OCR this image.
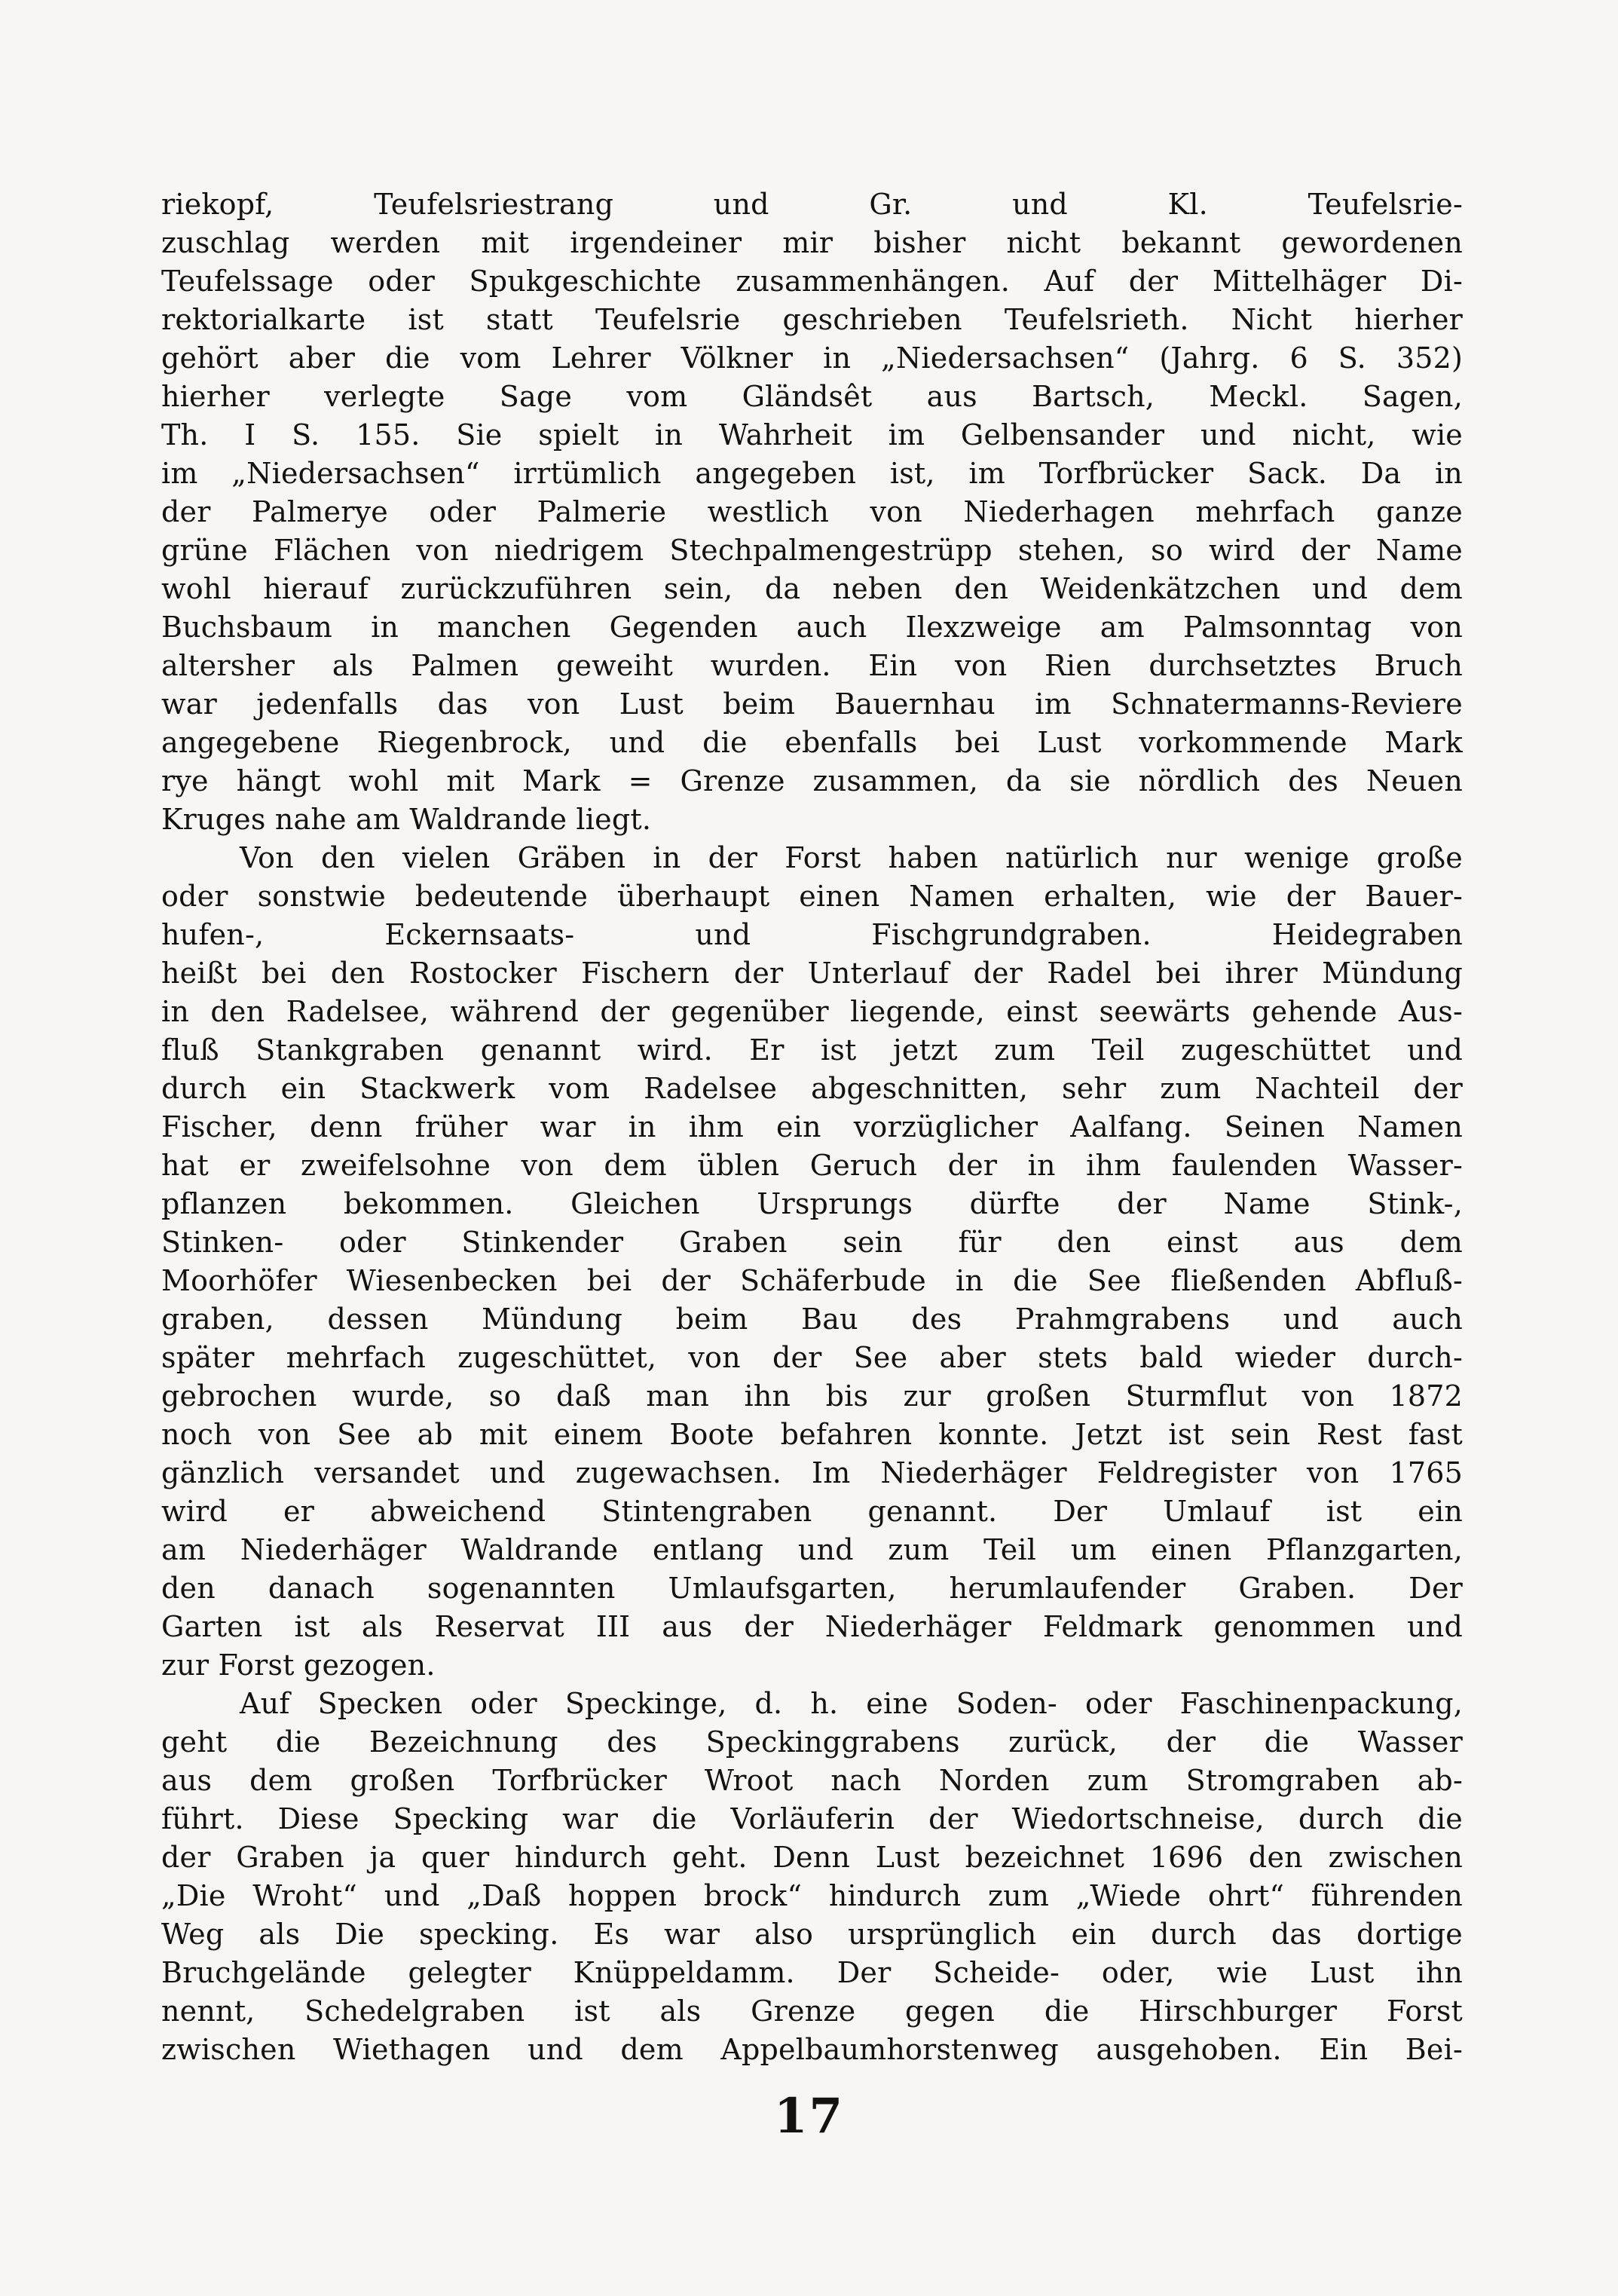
riekopf, Teufelsriestrang und Gr. und Kl. Teufelsrie-
zuschlag werden mit irgendeiner mir bisher nicht bekannt gewordenen
Teufelssage oder Spukgeschichte zusammenhängen. Auf der Mittelhäger Di-
rektorialkarte ist statt Teufelsrie geschrieben Teufelsrieth. Nicht hierher
gehört aber die vom Lehrer Völkner in „Niedersachsen“ (Jahrg. 6 S. 352)
hierher verlegte Sage vom Gländsêt aus Bartsch, Meckl. Sagen,
Th. I S. 155. Sie spielt in Wahrheit im Gelbensander und nicht, wie
im „Niedersachsen“ irrtümlich angegeben ist, im Torfbrücker Sack. Da in
der Palmerye oder Palmerie westlich von Niederhagen mehrfach ganze
grüne Flächen von niedrigem Stechpalmengestrüpp stehen, so wird der Name
wohl hierauf zurückzuführen sein, da neben den Weidenkätzchen und dem
Buchsbaum in manchen Gegenden auch Ilexzweige am Palmsonntag von
altersher als Palmen geweiht wurden. Ein von Rien durchsetztes Bruch
war jedenfalls das von Lust beim Bauernhau im Schnatermanns-Reviere
angegebene Riegenbrock, und die ebenfalls bei Lust vorkommende Mark
rye hängt wohl mit Mark = Grenze zusammen, da sie nördlich des Neuen
Kruges nahe am Waldrande liegt.
Von den vielen Gräben in der Forst haben natürlich nur wenige große
oder sonstwie bedeutende überhaupt einen Namen erhalten, wie der Bauer-
hufen-, Eckernsaats- und Fischgrundgraben. Heidegraben
heißt bei den Rostocker Fischern der Unterlauf der Radel bei ihrer Mündung
in den Radelsee, während der gegenüber liegende, einst seewärts gehende Aus-
fluß Stankgraben genannt wird. Er ist jetzt zum Teil zugeschüttet und
durch ein Stackwerk vom Radelsee abgeschnitten, sehr zum Nachteil der
Fischer, denn früher war in ihm ein vorzüglicher Aalfang. Seinen Namen
hat er zweifelsohne von dem üblen Geruch der in ihm faulenden Wasser-
pflanzen bekommen. Gleichen Ursprungs dürfte der Name Stink-,
Stinken- oder Stinkender Graben sein für den einst aus dem
Moorhöfer Wiesenbecken bei der Schäferbude in die See fließenden Abfluß-
graben, dessen Mündung beim Bau des Prahmgrabens und auch
später mehrfach zugeschüttet, von der See aber stets bald wieder durch-
gebrochen wurde, so daß man ihn bis zur großen Sturmflut von 1872
noch von See ab mit einem Boote befahren konnte. Jetzt ist sein Rest fast
gänzlich versandet und zugewachsen. Im Niederhäger Feldregister von 1765
wird er abweichend Stintengraben genannt. Der Umlauf ist ein
am Niederhäger Waldrande entlang und zum Teil um einen Pflanzgarten,
den danach sogenannten Umlaufsgarten, herumlaufender Graben. Der
Garten ist als Reservat III aus der Niederhäger Feldmark genommen und
zur Forst gezogen.
Auf Specken oder Speckinge, d. h. eine Soden- oder Faschinenpackung,
geht die Bezeichnung des Speckinggrabens zurück, der die Wasser
aus dem großen Torfbrücker Wroot nach Norden zum Stromgraben ab-
führt. Diese Specking war die Vorläuferin der Wiedortschneise, durch die
der Graben ja quer hindurch geht. Denn Lust bezeichnet 1696 den zwischen
„Die Wroht“ und „Daß hoppen brock“ hindurch zum „Wiede ohrt“ führenden
Weg als Die specking. Es war also ursprünglich ein durch das dortige
Bruchgelände gelegter Knüppeldamm. Der Scheide- oder, wie Lust ihn
nennt, Schedelgraben ist als Grenze gegen die Hirschburger Forst
zwischen Wiethagen und dem Appelbaumhorstenweg ausgehoben. Ein Bei-
17
